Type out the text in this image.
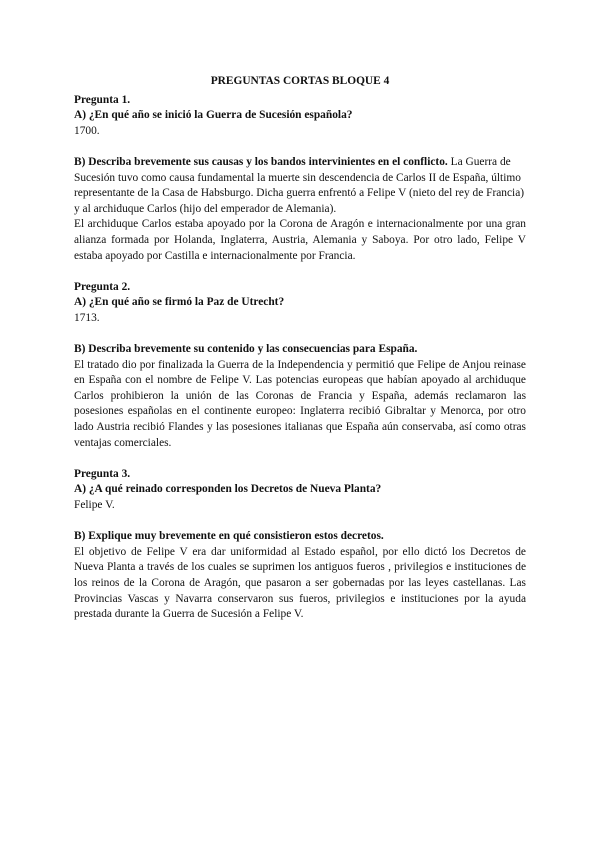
PREGUNTAS CORTAS BLOQUE 4

Pregunta 1.

A) ¿En qué año se inició la Guerra de Sucesión española?

1700.

B) Describa brevemente sus causas y los bandos intervinientes en el conflicto. La Guerra de Sucesión tuvo como causa fundamental la muerte sin descendencia de Carlos II de España, último representante de la Casa de Habsburgo. Dicha guerra enfrentó a Felipe V (nieto del rey de Francia) y al archiduque Carlos (hijo del emperador de Alemania).

El archiduque Carlos estaba apoyado por la Corona de Aragón e internacionalmente por una gran alianza formada por Holanda, Inglaterra, Austria, Alemania y Saboya. Por otro lado, Felipe V estaba apoyado por Castilla e internacionalmente por Francia.

Pregunta 2.

A) ¿En qué año se firmó la Paz de Utrecht?

1713.

B) Describa brevemente su contenido y las consecuencias para España.

El tratado dio por finalizada la Guerra de la Independencia y permitió que Felipe de Anjou reinase en España con el nombre de Felipe V. Las potencias europeas que habían apoyado al archiduque Carlos prohibieron la unión de las Coronas de Francia y España, además reclamaron las posesiones españolas en el continente europeo: Inglaterra recibió Gibraltar y Menorca, por otro lado Austria recibió Flandes y las posesiones italianas que España aún conservaba, así como otras ventajas comerciales.

Pregunta 3.

A) ¿A qué reinado corresponden los Decretos de Nueva Planta?

Felipe V.

B) Explique muy brevemente en qué consistieron estos decretos.

El objetivo de Felipe V era dar uniformidad al Estado español, por ello dictó los Decretos de Nueva Planta a través de los cuales se suprimen los antiguos fueros , privilegios e instituciones de los reinos de la Corona de Aragón, que pasaron a ser gobernadas por las leyes castellanas. Las Provincias Vascas y Navarra conservaron sus fueros, privilegios e instituciones por la ayuda prestada durante la Guerra de Sucesión a Felipe V.
